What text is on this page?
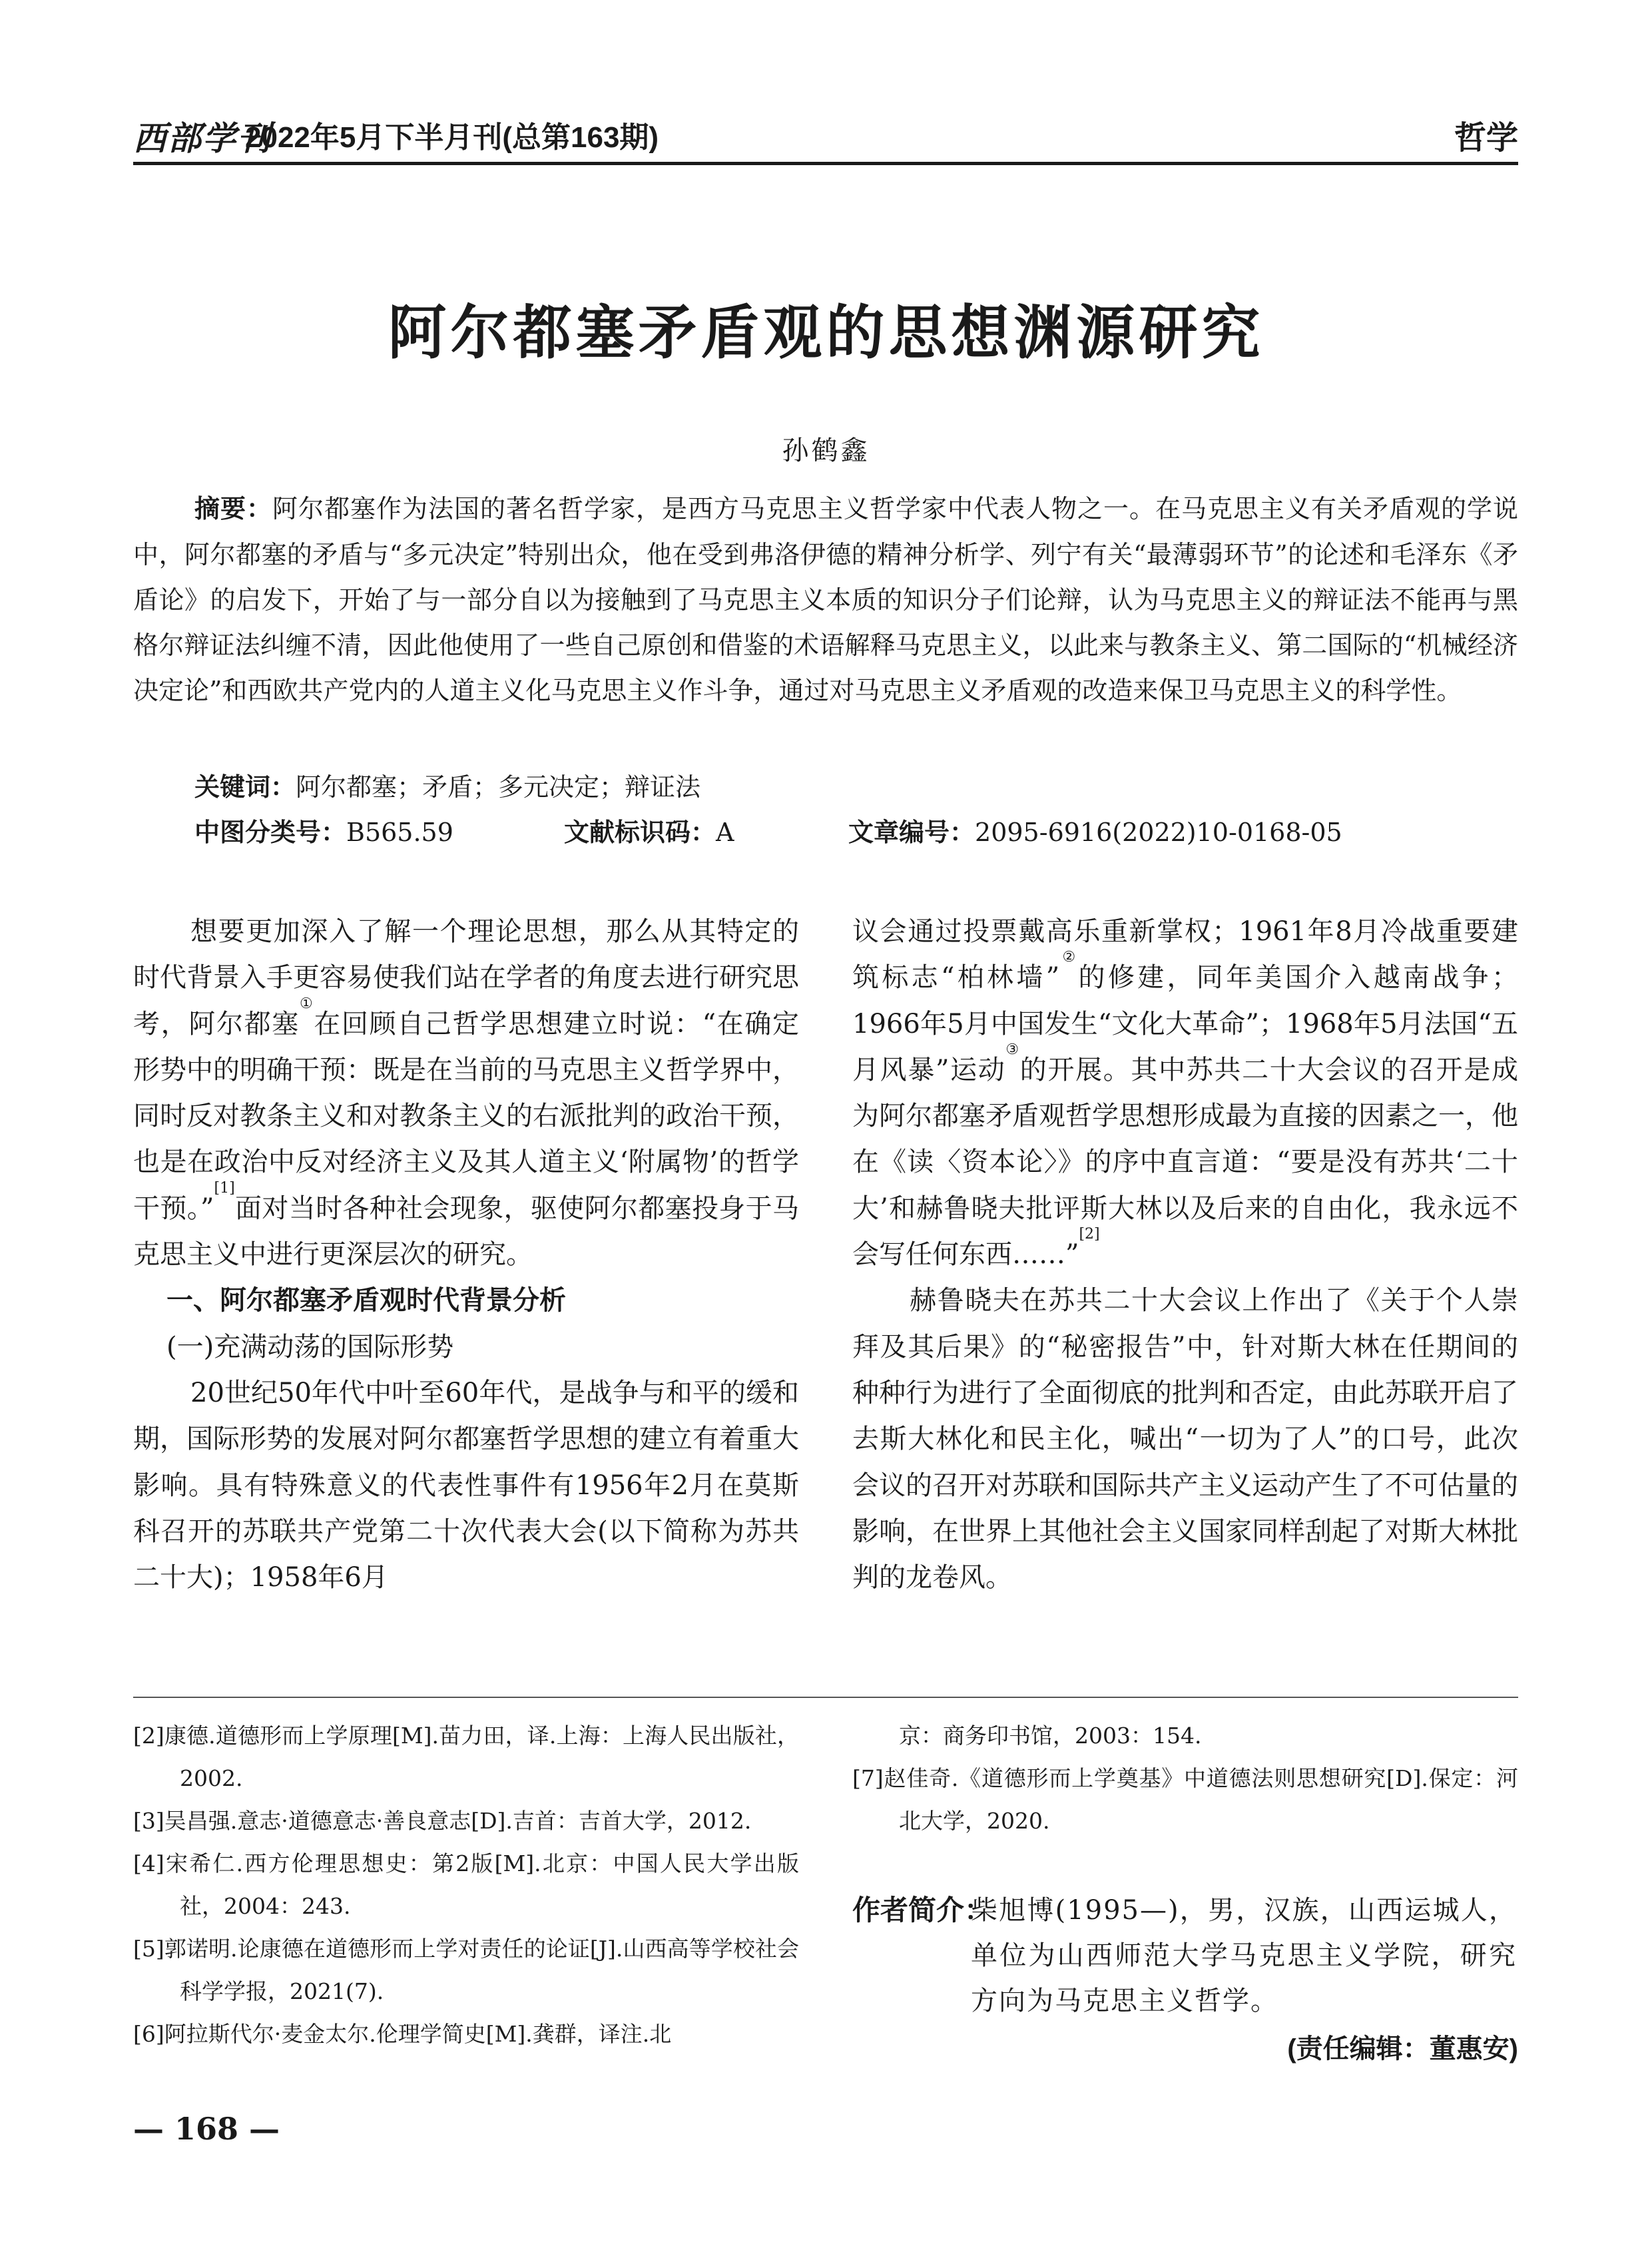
西部学刊
2022年5月下半月刊(总第163期)	哲学
阿尔都塞矛盾观的思想渊源研究
孙鹤鑫
摘要：阿尔都塞作为法国的著名哲学家，是西方马克思主义哲学家中代表人物之一。在马克思主义有关矛盾观的学说中，阿尔都塞的矛盾与“多元决定”特别出众，他在受到弗洛伊德的精神分析学、列宁有关“最薄弱环节”的论述和毛泽东《矛盾论》的启发下，开始了与一部分自以为接触到了马克思主义本质的知识分子们论辩，认为马克思主义的辩证法不能再与黑格尔辩证法纠缠不清，因此他使用了一些自己原创和借鉴的术语解释马克思主义，以此来与教条主义、第二国际的“机械经济决定论”和西欧共产党内的人道主义化马克思主义作斗争，通过对马克思主义矛盾观的改造来保卫马克思主义的科学性。
关键词：阿尔都塞；矛盾；多元决定；辩证法
中图分类号：B565.59	文献标识码：A	文章编号：2095-6916(2022)10-0168-05

想要更加深入了解一个理论思想，那么从其特定的时代背景入手更容易使我们站在学者的角度去进行研究思考，阿尔都塞①在回顾自己哲学思想建立时说：“在确定形势中的明确干预：既是在当前的马克思主义哲学界中，同时反对教条主义和对教条主义的右派批判的政治干预，也是在政治中反对经济主义及其人道主义‘附属物’的哲学干预。”[1]面对当时各种社会现象，驱使阿尔都塞投身于马克思主义中进行更深层次的研究。

一、阿尔都塞矛盾观时代背景分析

(一)充满动荡的国际形势

20世纪50年代中叶至60年代，是战争与和平的缓和期，国际形势的发展对阿尔都塞哲学思想的建立有着重大影响。具有特殊意义的代表性事件有1956年2月在莫斯科召开的苏联共产党第二十次代表大会(以下简称为苏共二十大)；1958年6月

议会通过投票戴高乐重新掌权；1961年8月冷战重要建筑标志“柏林墙”②的修建，同年美国介入越南战争；1966年5月中国发生“文化大革命”；1968年5月法国“五月风暴”运动③的开展。其中苏共二十大会议的召开是成为阿尔都塞矛盾观哲学思想形成最为直接的因素之一，他在《读〈资本论〉》的序中直言道：“要是没有苏共‘二十大’和赫鲁晓夫批评斯大林以及后来的自由化，我永远不会写任何东西……”[2]

赫鲁晓夫在苏共二十大会议上作出了《关于个人崇拜及其后果》的“秘密报告”中，针对斯大林在任期间的种种行为进行了全面彻底的批判和否定，由此苏联开启了去斯大林化和民主化，喊出“一切为了人”的口号，此次会议的召开对苏联和国际共产主义运动产生了不可估量的影响，在世界上其他社会主义国家同样刮起了对斯大林批判的龙卷风。

[2]康德.道德形而上学原理[M].苗力田，译.上海：上海人民出版社，2002.
[3]吴昌强.意志·道德意志·善良意志[D].吉首：吉首大学，2012.
[4]宋希仁.西方伦理思想史：第2版[M].北京：中国人民大学出版社，2004：243.
[5]郭诺明.论康德在道德形而上学对责任的论证[J].山西高等学校社会科学学报，2021(7).
[6]阿拉斯代尔·麦金太尔.伦理学简史[M].龚群，译注.北
京：商务印书馆，2003：154.
[7]赵佳奇.《道德形而上学奠基》中道德法则思想研究[D].保定：河北大学，2020.
作者简介：
柴旭博(1995—)，男，汉族，山西运城人，单位为山西师范大学马克思主义学院，研究方向为马克思主义哲学。
(责任编辑：董惠安)
— 168 —
